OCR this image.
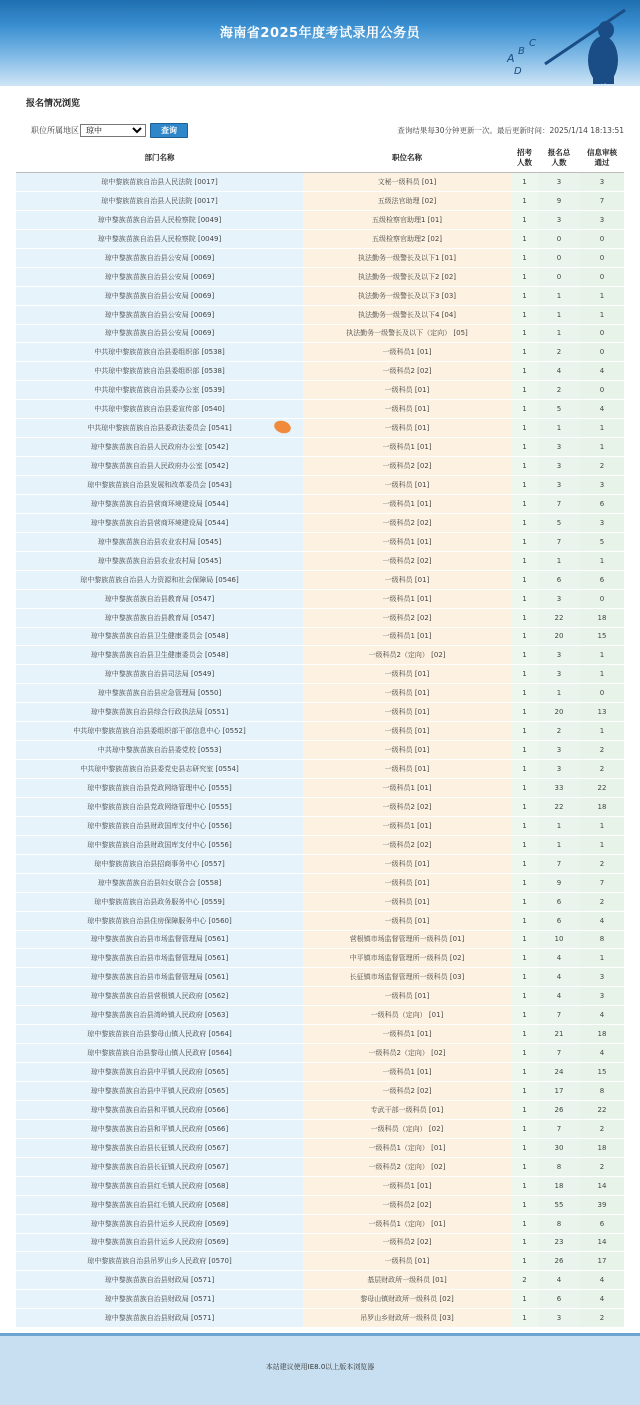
海南省2025年度考试录用公务员
A
B
C
D
报名情况浏览
职位所属地区
琼中	查询	查询结果每30分钟更新一次。最后更新时间：2025/1/14 18:13:51
部门名称	职位名称	招考人数	报名总人数	信息审核通过
琼中黎族苗族自治县人民法院 [0017]	文秘一级科员 [01]	1	3	3
琼中黎族苗族自治县人民法院 [0017]	五级法官助理 [02]	1	9	7
琼中黎族苗族自治县人民检察院 [0049]	五级检察官助理1 [01]	1	3	3
琼中黎族苗族自治县人民检察院 [0049]	五级检察官助理2 [02]	1	0	0
琼中黎族苗族自治县公安局 [0069]	执法勤务一级警长及以下1 [01]	1	0	0
琼中黎族苗族自治县公安局 [0069]	执法勤务一级警长及以下2 [02]	1	0	0
琼中黎族苗族自治县公安局 [0069]	执法勤务一级警长及以下3 [03]	1	1	1
琼中黎族苗族自治县公安局 [0069]	执法勤务一级警长及以下4 [04]	1	1	1
琼中黎族苗族自治县公安局 [0069]	执法勤务一级警长及以下（定向） [05]	1	1	0
中共琼中黎族苗族自治县委组织部 [0538]	一级科员1 [01]	1	2	0
中共琼中黎族苗族自治县委组织部 [0538]	一级科员2 [02]	1	4	4
中共琼中黎族苗族自治县委办公室 [0539]	一级科员 [01]	1	2	0
中共琼中黎族苗族自治县委宣传部 [0540]	一级科员 [01]	1	5	4
中共琼中黎族苗族自治县委政法委员会 [0541]	一级科员 [01]	1	1	1
琼中黎族苗族自治县人民政府办公室 [0542]	一级科员1 [01]	1	3	1
琼中黎族苗族自治县人民政府办公室 [0542]	一级科员2 [02]	1	3	2
琼中黎族苗族自治县发展和改革委员会 [0543]	一级科员 [01]	1	3	3
琼中黎族苗族自治县营商环境建设局 [0544]	一级科员1 [01]	1	7	6
琼中黎族苗族自治县营商环境建设局 [0544]	一级科员2 [02]	1	5	3
琼中黎族苗族自治县农业农村局 [0545]	一级科员1 [01]	1	7	5
琼中黎族苗族自治县农业农村局 [0545]	一级科员2 [02]	1	1	1
琼中黎族苗族自治县人力资源和社会保障局 [0546]	一级科员 [01]	1	6	6
琼中黎族苗族自治县教育局 [0547]	一级科员1 [01]	1	3	0
琼中黎族苗族自治县教育局 [0547]	一级科员2 [02]	1	22	18
琼中黎族苗族自治县卫生健康委员会 [0548]	一级科员1 [01]	1	20	15
琼中黎族苗族自治县卫生健康委员会 [0548]	一级科员2（定向） [02]	1	3	1
琼中黎族苗族自治县司法局 [0549]	一级科员 [01]	1	3	1
琼中黎族苗族自治县应急管理局 [0550]	一级科员 [01]	1	1	0
琼中黎族苗族自治县综合行政执法局 [0551]	一级科员 [01]	1	20	13
中共琼中黎族苗族自治县委组织部干部信息中心 [0552]	一级科员 [01]	1	2	1
中共琼中黎族苗族自治县委党校 [0553]	一级科员 [01]	1	3	2
中共琼中黎族苗族自治县委党史县志研究室 [0554]	一级科员 [01]	1	3	2
琼中黎族苗族自治县党政网络管理中心 [0555]	一级科员1 [01]	1	33	22
琼中黎族苗族自治县党政网络管理中心 [0555]	一级科员2 [02]	1	22	18
琼中黎族苗族自治县财政国库支付中心 [0556]	一级科员1 [01]	1	1	1
琼中黎族苗族自治县财政国库支付中心 [0556]	一级科员2 [02]	1	1	1
琼中黎族苗族自治县招商事务中心 [0557]	一级科员 [01]	1	7	2
琼中黎族苗族自治县妇女联合会 [0558]	一级科员 [01]	1	9	7
琼中黎族苗族自治县政务服务中心 [0559]	一级科员 [01]	1	6	2
琼中黎族苗族自治县住房保障服务中心 [0560]	一级科员 [01]	1	6	4
琼中黎族苗族自治县市场监督管理局 [0561]	营根镇市场监督管理所一级科员 [01]	1	10	8
琼中黎族苗族自治县市场监督管理局 [0561]	中平镇市场监督管理所一级科员 [02]	1	4	1
琼中黎族苗族自治县市场监督管理局 [0561]	长征镇市场监督管理所一级科员 [03]	1	4	3
琼中黎族苗族自治县营根镇人民政府 [0562]	一级科员 [01]	1	4	3
琼中黎族苗族自治县湾岭镇人民政府 [0563]	一级科员（定向） [01]	1	7	4
琼中黎族苗族自治县黎母山镇人民政府 [0564]	一级科员1 [01]	1	21	18
琼中黎族苗族自治县黎母山镇人民政府 [0564]	一级科员2（定向） [02]	1	7	4
琼中黎族苗族自治县中平镇人民政府 [0565]	一级科员1 [01]	1	24	15
琼中黎族苗族自治县中平镇人民政府 [0565]	一级科员2 [02]	1	17	8
琼中黎族苗族自治县和平镇人民政府 [0566]	专武干部一级科员 [01]	1	26	22
琼中黎族苗族自治县和平镇人民政府 [0566]	一级科员（定向） [02]	1	7	2
琼中黎族苗族自治县长征镇人民政府 [0567]	一级科员1（定向） [01]	1	30	18
琼中黎族苗族自治县长征镇人民政府 [0567]	一级科员2（定向） [02]	1	8	2
琼中黎族苗族自治县红毛镇人民政府 [0568]	一级科员1 [01]	1	18	14
琼中黎族苗族自治县红毛镇人民政府 [0568]	一级科员2 [02]	1	55	39
琼中黎族苗族自治县什运乡人民政府 [0569]	一级科员1（定向） [01]	1	8	6
琼中黎族苗族自治县什运乡人民政府 [0569]	一级科员2 [02]	1	23	14
琼中黎族苗族自治县吊罗山乡人民政府 [0570]	一级科员 [01]	1	26	17
琼中黎族苗族自治县财政局 [0571]	基层财政所一级科员 [01]	2	4	4
琼中黎族苗族自治县财政局 [0571]	黎母山镇财政所一级科员 [02]	1	6	4
琼中黎族苗族自治县财政局 [0571]	吊罗山乡财政所一级科员 [03]	1	3	2
本站建议使用IE8.0以上版本浏览器
